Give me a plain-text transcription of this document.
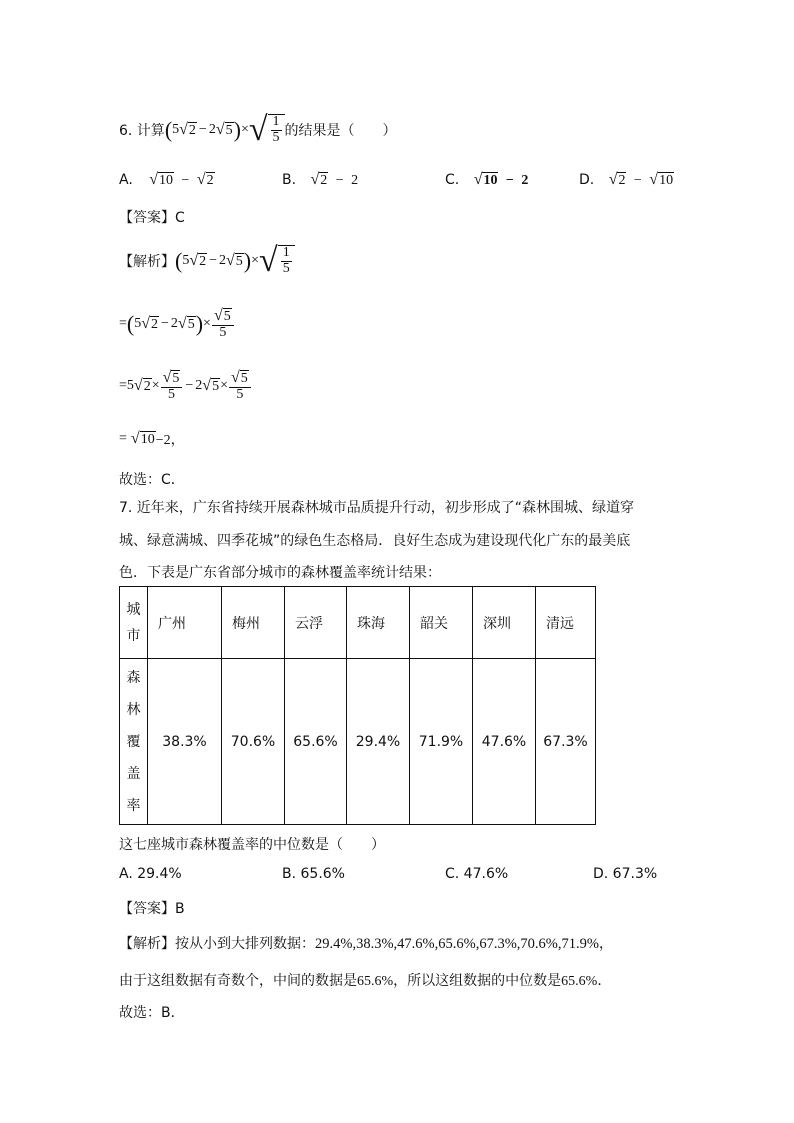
6. 计算 ( 5 √ 2 − 2 √ 5 ) × √ $\frac{1}{5}$ 的结果是（　　）
A. √ 10 − √ 2	B. √ 2 − 2	C. √ 10 − 2	D. √ 2 − √ 10
【答案】C
【解析】 ( 5 √ 2 − 2 √ 5 ) × √ $\frac{1}{5}$
= ( 5 √ 2 − 2 √ 5 ) × $\frac{√ 5}{5}$
= 5 √ $2 \times \frac{√ 5}{5} - 2$ √ $5 \times \frac{√ 5}{5}$
= √ 10 −2，
故选：C．
7. 近年来，广东省持续开展森林城市品质提升行动，初步形成了“森林围城、绿道穿
城、绿意满城、四季花城”的绿色生态格局．良好生态成为建设现代化广东的最美底
色．下表是广东省部分城市的森林覆盖率统计结果：
城
市	广州	梅州	云浮	珠海	韶关	深圳	清远

森
林
覆
盖
率	38.3%	70.6%	65.6%	29.4%	71.9%	47.6%	67.3%
这七座城市森林覆盖率的中位数是（　　）
A. 29.4%	B. 65.6%	C. 47.6%	D. 67.3%
【答案】B
【解析】按从小到大排列数据：29.4%,38.3%,47.6%,65.6%,67.3%,70.6%,71.9%，
由于这组数据有奇数个，中间的数据是65.6%，所以这组数据的中位数是65.6%．
故选：B．
